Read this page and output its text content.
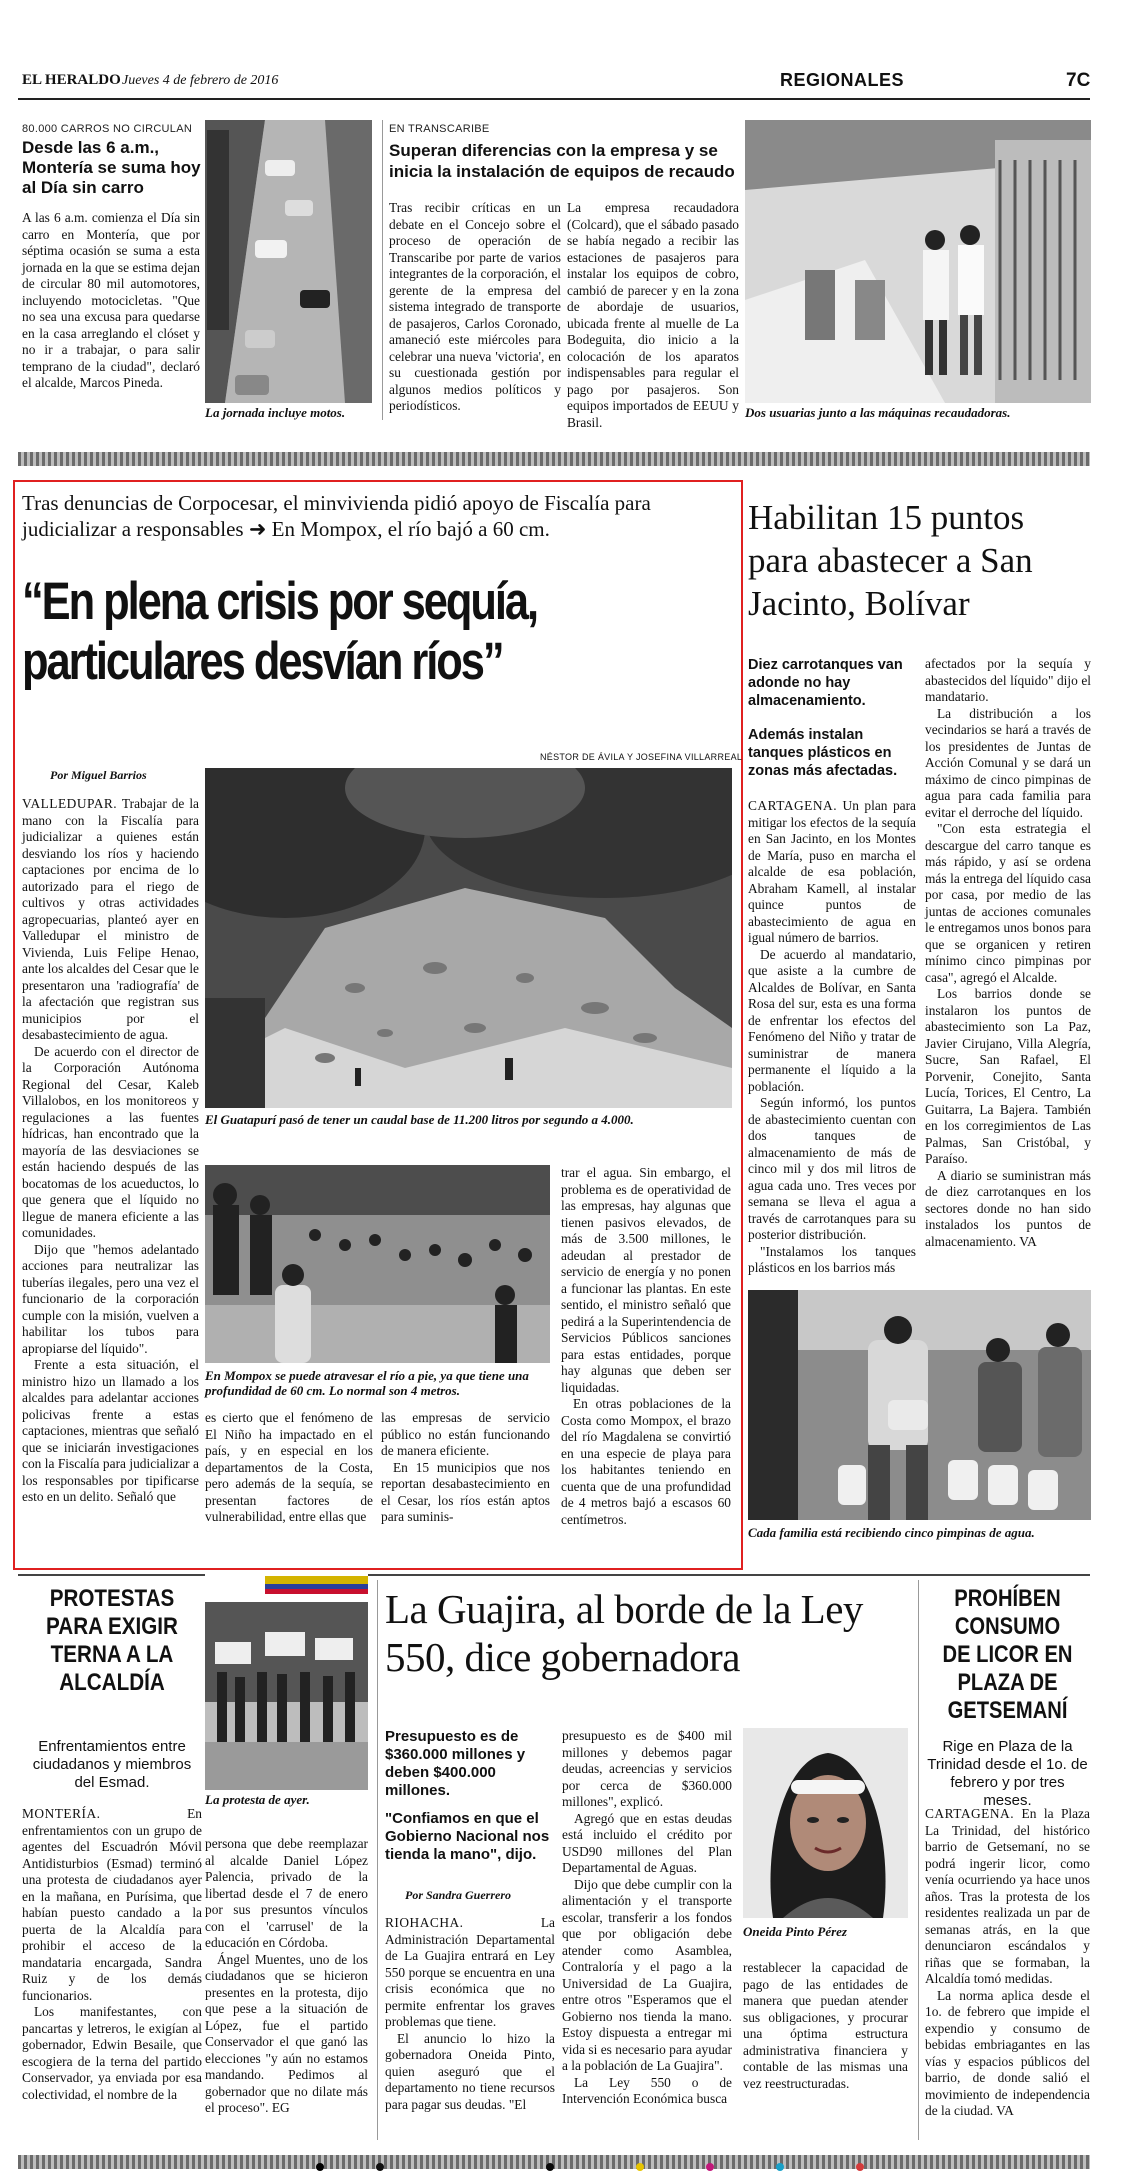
EL HERALDO Jueves 4 de febrero de 2016	REGIONALES	7C
80.000 CARROS NO CIRCULAN
Desde las 6 a.m., Montería se suma hoy al Día sin carro
A las 6 a.m. comienza el Día sin carro en Montería, que por séptima ocasión se suma a esta jornada en la que se estima dejan de circular 80 mil automotores, incluyendo motocicletas. "Que no sea una excusa para quedarse en la casa arreglando el clóset y no ir a trabajar, o para salir temprano de la ciudad", declaró el alcalde, Marcos Pineda.
La jornada incluye motos.
EN TRANSCARIBE
Superan diferencias con la empresa y se inicia la instalación de equipos de recaudo
Tras recibir críticas en un debate en el Concejo sobre el proceso de operación de Transcaribe por parte de varios integrantes de la corporación, el gerente de la empresa del sistema integrado de transporte de pasajeros, Carlos Coronado, amaneció este miércoles para celebrar una nueva 'victoria', en su cuestionada gestión por algunos medios políticos y periodísticos.
La empresa recaudadora (Colcard), que el sábado pasado se había negado a recibir las estaciones de pasajeros para instalar los equipos de cobro, cambió de parecer y en la zona de abordaje de usuarios, ubicada frente al muelle de La Bodeguita, dio inicio a la colocación de los aparatos indispensables para regular el pago por pasajeros. Son equipos importados de EEUU y Brasil.
Dos usuarias junto a las máquinas recaudadoras.
Tras denuncias de Corpocesar, el minvivienda pidió apoyo de Fiscalía para judicializar a responsables ➜ En Mompox, el río bajó a 60 cm.
“En plena crisis por sequía, particulares desvían ríos”
NÉSTOR DE ÁVILA Y JOSEFINA VILLARREAL
Por Miguel Barrios

VALLEDUPAR. Trabajar de la mano con la Fiscalía para judicializar a quienes están desviando los ríos y haciendo captaciones por encima de lo autorizado para el riego de cultivos y otras actividades agropecuarias, planteó ayer en Valledupar el ministro de Vivienda, Luis Felipe Henao, ante los alcaldes del Cesar que le presentaron una 'radiografía' de la afectación que registran sus municipios por el desabastecimiento de agua.

De acuerdo con el director de la Corporación Autónoma Regional del Cesar, Kaleb Villalobos, en los monitoreos y regulaciones a las fuentes hídricas, han encontrado que la mayoría de las desviaciones se están haciendo después de las bocatomas de los acueductos, lo que genera que el líquido no llegue de manera eficiente a las comunidades.

Dijo que "hemos adelantado acciones para neutralizar las tuberías ilegales, pero una vez el funcionario de la corporación cumple con la misión, vuelven a habilitar los tubos para apropiarse del líquido".

Frente a esta situación, el ministro hizo un llamado a los alcaldes para adelantar acciones policivas frente a estas captaciones, mientras que señaló que se iniciarán investigaciones con la Fiscalía para judicializar a los responsables por tipificarse esto en un delito. Señaló que

El Guatapurí pasó de tener un caudal base de 11.200 litros por segundo a 4.000.
En Mompox se puede atravesar el río a pie, ya que tiene una profundidad de 60 cm. Lo normal son 4 metros.
es cierto que el fenómeno de El Niño ha impactado en el país, y en especial en los departamentos de la Costa, pero además de la sequía, se presentan factores de vulnerabilidad, entre ellas que

las empresas de servicio público no están funcionando de manera eficiente.

En 15 municipios que nos reportan desabastecimiento en el Cesar, los ríos están aptos para suminis-

trar el agua. Sin embargo, el problema es de operatividad de las empresas, hay algunas que tienen pasivos elevados, de más de 3.500 millones, le adeudan al prestador de servicio de energía y no ponen a funcionar las plantas. En este sentido, el ministro señaló que pedirá a la Superintendencia de Servicios Públicos sanciones para estas entidades, porque hay algunas que deben ser liquidadas.

En otras poblaciones de la Costa como Mompox, el brazo del río Magdalena se convirtió en una especie de playa para los habitantes teniendo en cuenta que de una profundidad de 4 metros bajó a escasos 60 centímetros.

Habilitan 15 puntos para abastecer a San Jacinto, Bolívar
Diez carrotanques van adonde no hay almacenamiento.
Además instalan tanques plásticos en zonas más afectadas.

CARTAGENA. Un plan para mitigar los efectos de la sequía en San Jacinto, en los Montes de María, puso en marcha el alcalde de esa población, Abraham Kamell, al instalar quince puntos de abastecimiento de agua en igual número de barrios.

De acuerdo al mandatario, que asiste a la cumbre de Alcaldes de Bolívar, en Santa Rosa del sur, esta es una forma de enfrentar los efectos del Fenómeno del Niño y tratar de suministrar de manera permanente el líquido a la población.

Según informó, los puntos de abastecimiento cuentan con dos tanques de almacenamiento de más de cinco mil y dos mil litros de agua cada uno. Tres veces por semana se lleva el agua a través de carrotanques para su posterior distribución.

"Instalamos los tanques plásticos en los barrios más

afectados por la sequía y abastecidos del líquido" dijo el mandatario.

La distribución a los vecindarios se hará a través de los presidentes de Juntas de Acción Comunal y se dará un máximo de cinco pimpinas de agua para cada familia para evitar el derroche del líquido.

"Con esta estrategia el descargue del carro tanque es más rápido, y así se ordena más la entrega del líquido casa por casa, por medio de las juntas de acciones comunales le entregamos unos bonos para que se organicen y retiren mínimo cinco pimpinas por casa", agregó el Alcalde.

Los barrios donde se instalaron los puntos de abastecimiento son La Paz, Javier Cirujano, Villa Alegría, Sucre, San Rafael, El Porvenir, Conejito, Santa Lucía, Torices, El Centro, La Guitarra, La Bajera. También en los corregimientos de Las Palmas, San Cristóbal, y Paraíso.

A diario se suministran más de diez carrotanques en los sectores donde no han sido instalados los puntos de almacenamiento. VA

Cada familia está recibiendo cinco pimpinas de agua.
PROTESTAS PARA EXIGIR TERNA A LA ALCALDÍA
Enfrentamientos entre ciudadanos y miembros del Esmad.

MONTERÍA.	En enfrentamientos con un grupo de agentes del Escuadrón Móvil Antidisturbios (Esmad) terminó una protesta de ciudadanos ayer en la mañana, en Purísima, que habían puesto candado a la puerta de la Alcaldía para prohibir el acceso de la mandataria encargada, Sandra Ruiz y de los demás funcionarios.

Los manifestantes, con pancartas y letreros, le exigían al gobernador, Edwin Besaile, que escogiera de la terna del partido Conservador, ya enviada por esa colectividad, el nombre de la

La protesta de ayer.

persona que debe reemplazar al alcalde Daniel López Palencia, privado de la libertad desde el 7 de enero por sus presuntos vínculos con el 'carrusel' de la educación en Córdoba.

Ángel Muentes, uno de los ciudadanos que se hicieron presentes en la protesta, dijo que pese a la situación de López, fue el partido Conservador el que ganó las elecciones "y aún no estamos mandando. Pedimos al gobernador que no dilate más el proceso". EG

La Guajira, al borde de la Ley 550, dice gobernadora
Presupuesto es de $360.000 millones y deben $400.000 millones.
"Confiamos en que el Gobierno Nacional nos tienda la mano", dijo.
Por Sandra Guerrero

RIOHACHA.	La Administración Departamental de La Guajira entrará en Ley 550 porque se encuentra en una crisis económica que no permite enfrentar los graves problemas que tiene.

El anuncio lo hizo la gobernadora Oneida Pinto, quien aseguró que el departamento no tiene recursos para pagar sus deudas. "El

presupuesto es de $400 mil millones y debemos pagar deudas, acreencias y servicios por cerca de $360.000 millones", explicó.

Agregó que en estas deudas está incluido el crédito por USD90 millones del Plan Departamental de Aguas.

Dijo que debe cumplir con la alimentación y el transporte escolar, transferir a los fondos que por obligación debe atender como Asamblea, Contraloría y el pago a la Universidad de La Guajira, entre otros "Esperamos que el Gobierno nos tienda la mano. Estoy dispuesta a entregar mi vida si es necesario para ayudar a la población de La Guajira".

La Ley 550 o de Intervención Económica busca

Oneida Pinto Pérez
restablecer la capacidad de pago de las entidades de manera que puedan atender sus obligaciones, y procurar una óptima estructura administrativa financiera y contable de las mismas una vez reestructuradas.
PROHÍBEN CONSUMO DE LICOR EN PLAZA DE GETSEMANÍ
Rige en Plaza de la Trinidad desde el 1o. de febrero y por tres meses.

CARTAGENA. En la Plaza La Trinidad, del histórico barrio de Getsemaní, no se podrá ingerir licor, como venía ocurriendo ya hace unos años. Tras la protesta de los residentes realizada un par de semanas atrás, en la que denunciaron escándalos y riñas que se formaban, la Alcaldía tomó medidas.

La norma aplica desde el 1o. de febrero que impide el expendio y consumo de bebidas embriagantes en las vías y espacios públicos del barrio, de donde salió el movimiento de independencia de la ciudad. VA
